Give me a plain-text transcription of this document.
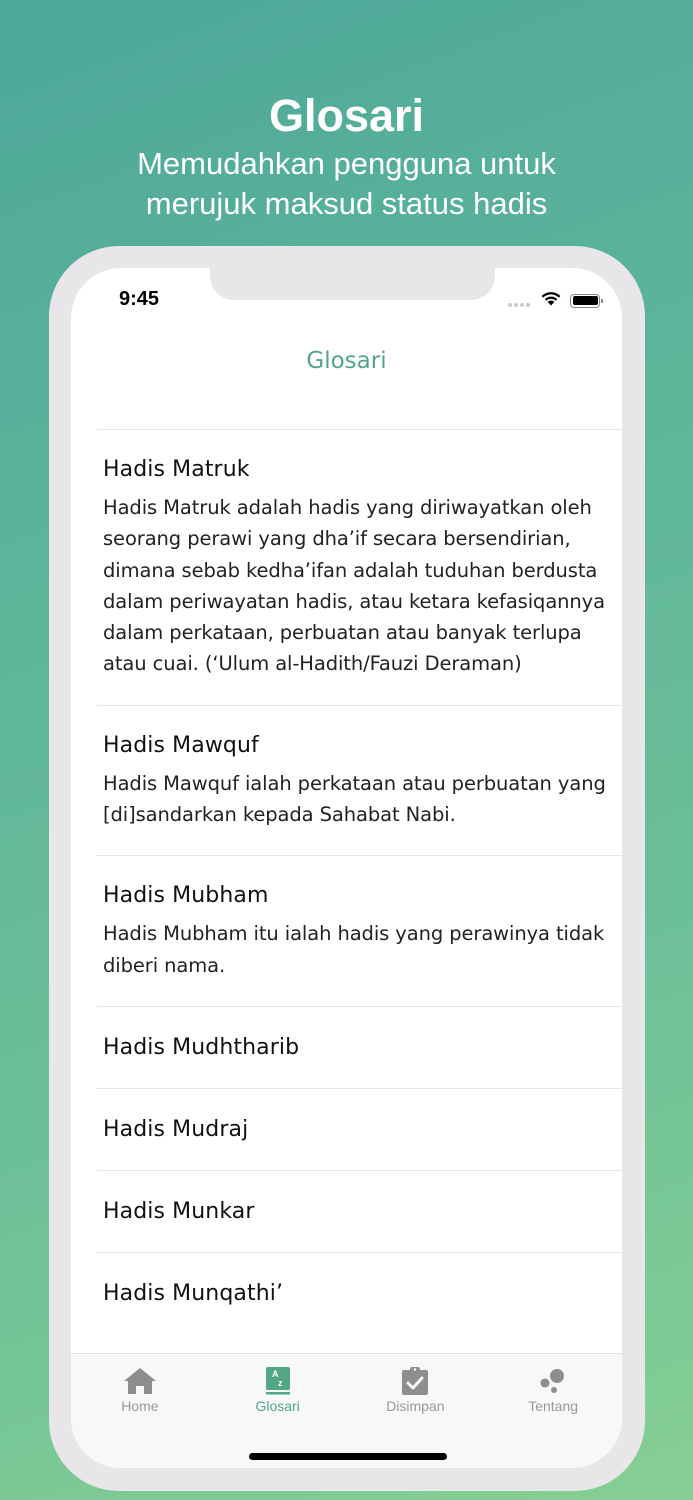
Glosari
Memudahkan pengguna untuk
merujuk maksud status hadis
9:45
Glosari
Hadis Matruk
Hadis Matruk adalah hadis yang diriwayatkan oleh seorang perawi yang dha’if secara bersendirian, dimana sebab kedha’ifan adalah tuduhan berdusta dalam periwayatan hadis, atau ketara kefasiqannya dalam perkataan, perbuatan atau banyak terlupa atau cuai. (‘Ulum al-Hadith/Fauzi Deraman)
Hadis Mawquf
Hadis Mawquf ialah perkataan atau perbuatan yang [di]sandarkan kepada Sahabat Nabi.
Hadis Mubham
Hadis Mubham itu ialah hadis yang perawinya tidak diberi nama.
Hadis Mudhtharib
Hadis Mudraj
Hadis Munkar
Hadis Munqathi’
Home
A
z
Glosari	Disimpan	Tentang
